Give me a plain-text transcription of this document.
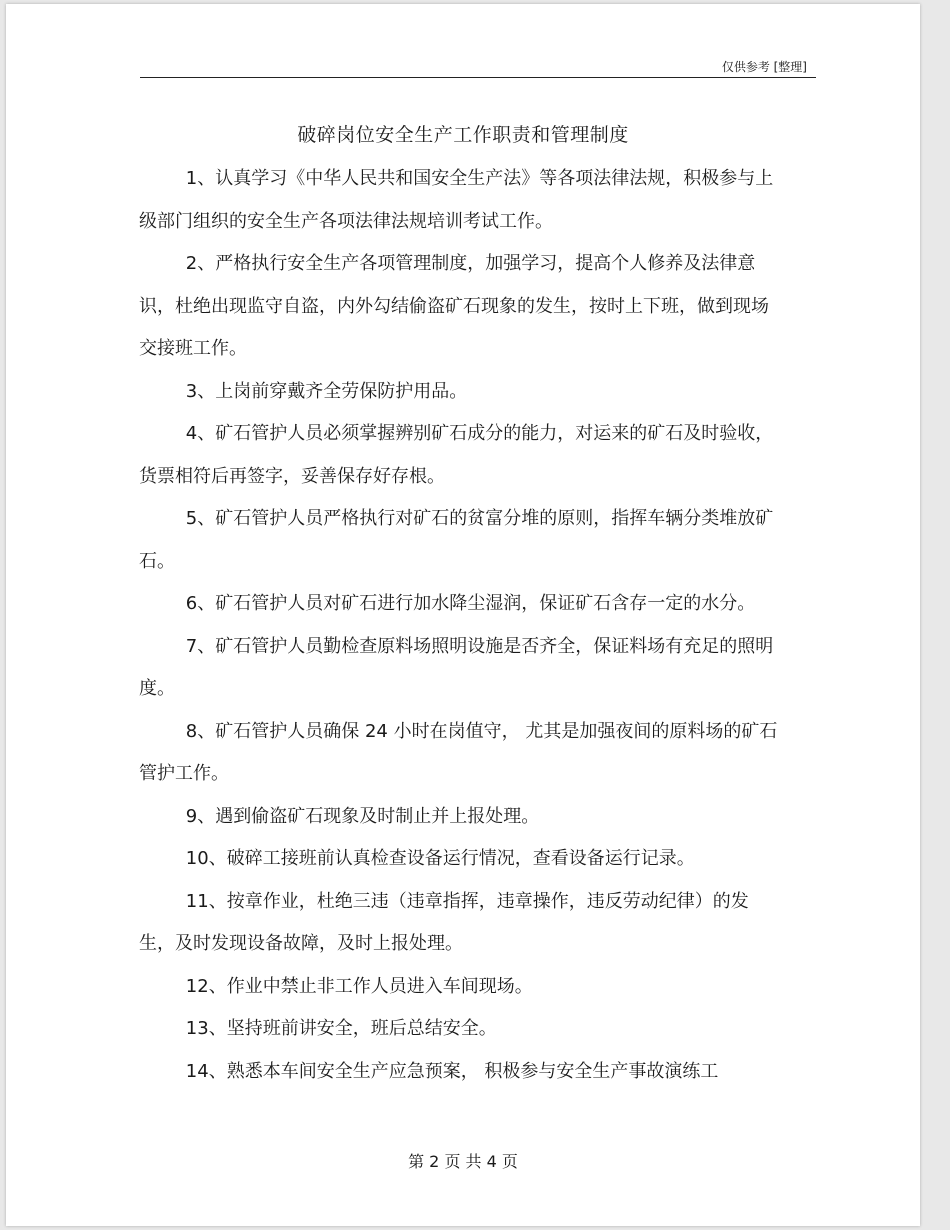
仅供参考 [整理]
破碎岗位安全生产工作职责和管理制度

1、认真学习《中华人民共和国安全生产法》等各项法律法规，积极参与上级部门组织的安全生产各项法律法规培训考试工作。

2、严格执行安全生产各项管理制度，加强学习，提高个人修养及法律意识，杜绝出现监守自盗，内外勾结偷盗矿石现象的发生，按时上下班，做到现场交接班工作。

3、上岗前穿戴齐全劳保防护用品。

4、矿石管护人员必须掌握辨别矿石成分的能力，对运来的矿石及时验收，货票相符后再签字，妥善保存好存根。

5、矿石管护人员严格执行对矿石的贫富分堆的原则，指挥车辆分类堆放矿石。

6、矿石管护人员对矿石进行加水降尘湿润，保证矿石含存一定的水分。

7、矿石管护人员勤检查原料场照明设施是否齐全，保证料场有充足的照明度。

8、矿石管护人员确保 24 小时在岗值守， 尤其是加强夜间的原料场的矿石管护工作。

9、遇到偷盗矿石现象及时制止并上报处理。

10、破碎工接班前认真检查设备运行情况，查看设备运行记录。

11、按章作业，杜绝三违（违章指挥，违章操作，违反劳动纪律）的发生，及时发现设备故障，及时上报处理。

12、作业中禁止非工作人员进入车间现场。

13、坚持班前讲安全，班后总结安全。

14、熟悉本车间安全生产应急预案， 积极参与安全生产事故演练工

第 2 页 共 4 页
